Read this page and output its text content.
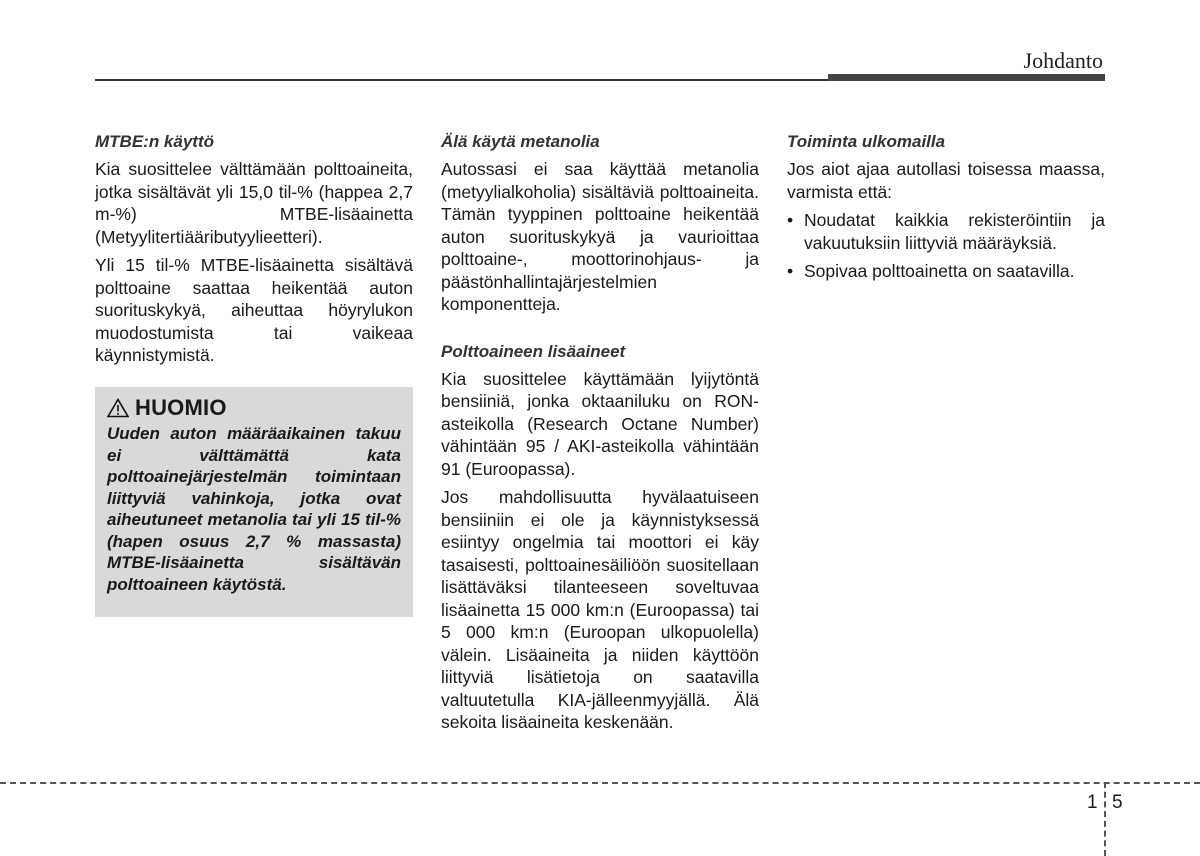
Johdanto
MTBE:n käyttö

Kia suosittelee välttämään polttoaineita, jotka sisältävät yli 15,0 til-% (happea 2,7 m-%) MTBE-lisäainetta (Metyylitertiääributyylieetteri).

Yli 15 til-% MTBE-lisäainetta sisältävä polttoaine saattaa heikentää auton suorituskykyä, aiheuttaa höyrylukon muodostumista tai vaikeaa käynnistymistä.

HUOMIO

Uuden auton määräaikainen takuu ei välttämättä kata polttoainejärjestelmän toimintaan liittyviä vahinkoja, jotka ovat aiheutuneet metanolia tai yli 15 til-% (hapen osuus 2,7 % massasta) MTBE-lisäainetta sisältävän polttoaineen käytöstä.

Älä käytä metanolia

Autossasi ei saa käyttää metanolia (metyylialkoholia) sisältäviä polttoaineita. Tämän tyyppinen polttoaine heikentää auton suorituskykyä ja vaurioittaa polttoaine-, moottorinohjaus- ja päästönhallintajärjestelmien komponentteja.

Polttoaineen lisäaineet

Kia suosittelee käyttämään lyijytöntä bensiiniä, jonka oktaaniluku on RON-asteikolla (Research Octane Number) vähintään 95 / AKI-asteikolla vähintään 91 (Euroopassa).

Jos mahdollisuutta hyvälaatuiseen bensiiniin ei ole ja käynnistyksessä esiintyy ongelmia tai moottori ei käy tasaisesti, polttoainesäiliöön suositellaan lisättäväksi tilanteeseen soveltuvaa lisäainetta 15 000 km:n (Euroopassa) tai 5 000 km:n (Euroopan ulkopuolella) välein. Lisäaineita ja niiden käyttöön liittyviä lisätietoja on saatavilla valtuutetulla KIA-jälleenmyyjällä. Älä sekoita lisäaineita keskenään.

Toiminta ulkomailla

Jos aiot ajaa autollasi toisessa maassa, varmista että:

• Noudatat kaikkia rekisteröintiin ja vakuutuksiin liittyviä määräyksiä.
• Sopivaa polttoainetta on saatavilla.
1 5
